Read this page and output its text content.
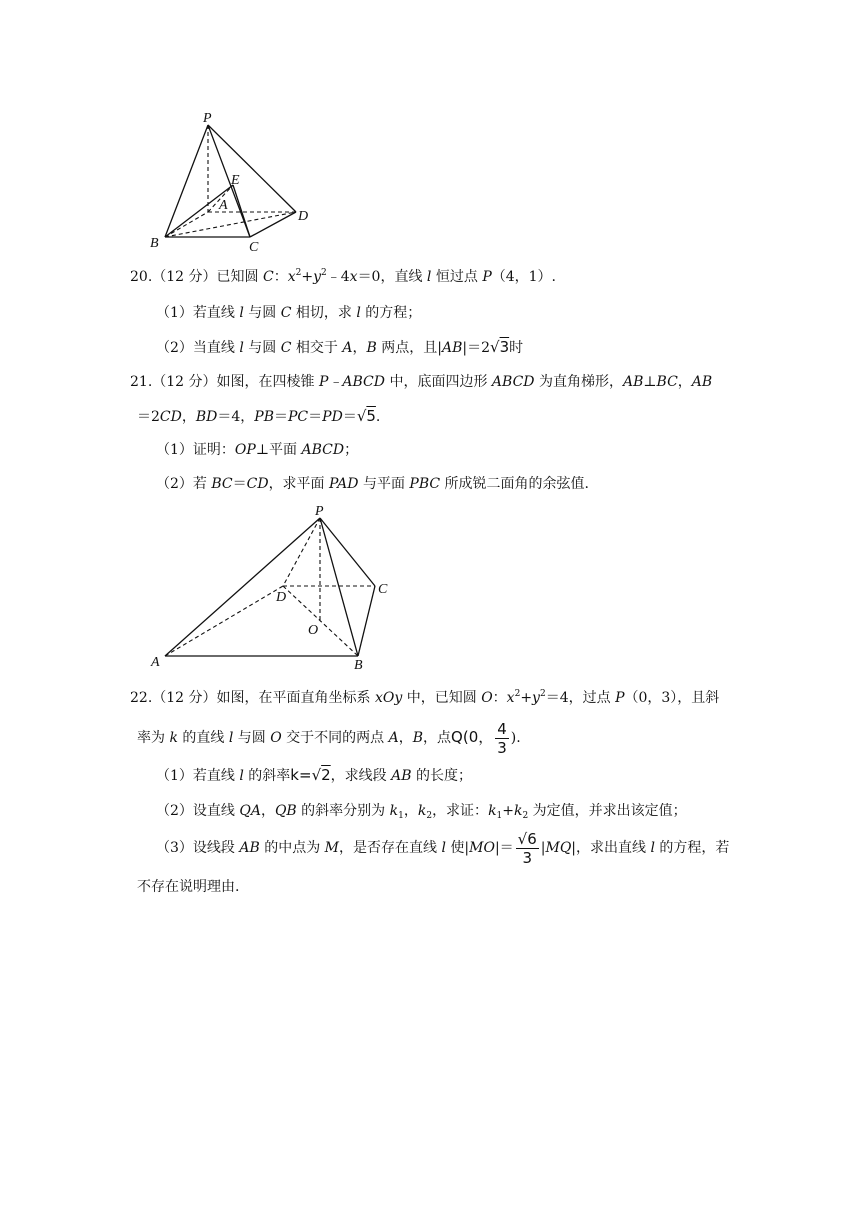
P
E
A
D
B	C
20.（12 分）已知圆 C：$x^2+y^2﹣4x=0$，直线 l 恒过点 P（4，1）.
（1）若直线 l 与圆 C 相切，求 l 的方程；
（2）当直线 l 与圆 C 相交于 A，B 两点，且|AB|＝2√3时
21.（12 分）如图，在四棱锥 P﹣ABCD 中，底面四边形 ABCD 为直角梯形，AB⊥BC，AB
＝2CD，BD＝4，PB＝PC＝PD＝√5.
（1）证明：OP⊥平面 ABCD；
（2）若 BC＝CD，求平面 PAD 与平面 PBC 所成锐二面角的余弦值.
P
D
C
O
A	B
22.（12 分）如图，在平面直角坐标系 xOy 中，已知圆 O：$x^2+y^2=4$，过点 P（0，3），且斜
率为 k 的直线 l 与圆 O 交于不同的两点 A，B，点Q(0， $\frac{4}{3}$ ).
（1）若直线 l 的斜率k=√2，求线段 AB 的长度；
（2）设直线 QA，QB 的斜率分别为 $k_1$，$k_2$，求证：$k_1+k_2$ 为定值，并求出该定值；
（3）设线段 AB 的中点为 M，是否存在直线 l 使$|MO|= \frac{√6}{3} |MQ|$，求出直线 l 的方程，若
不存在说明理由.
